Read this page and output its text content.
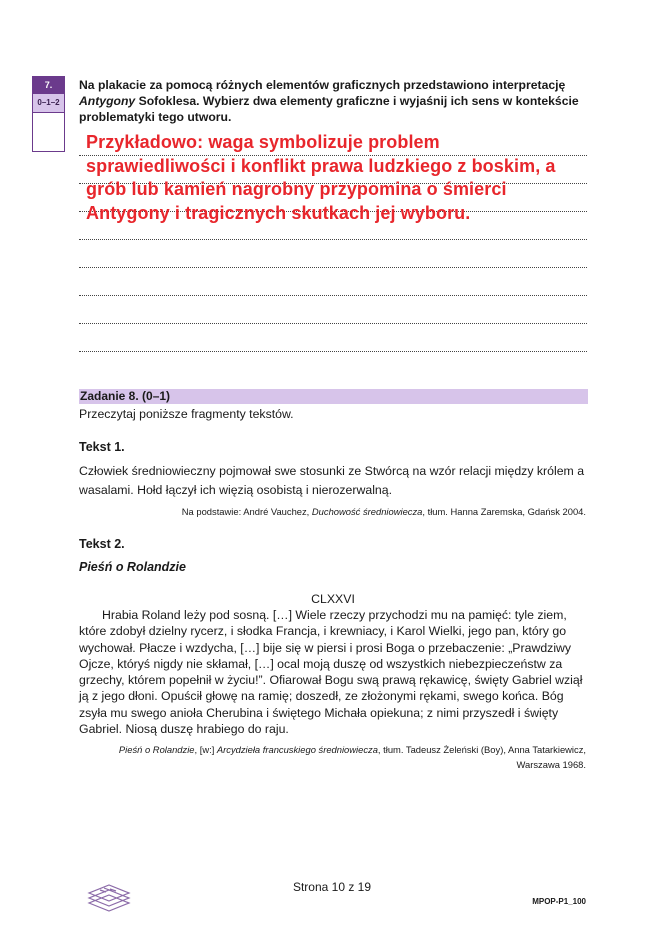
7.
0–1–2
Na plakacie za pomocą różnych elementów graficznych przedstawiono interpretację
Antygony Sofoklesa. Wybierz dwa elementy graficzne i wyjaśnij ich sens w kontekście problematyki tego utworu.
Przykładowo: waga symbolizuje problem sprawiedliwości i konflikt prawa ludzkiego z boskim, a grób lub kamień nagrobny przypomina o śmierci Antygony i tragicznych skutkach jej wyboru.
Zadanie 8. (0–1)
Przeczytaj poniższe fragmenty tekstów.
Tekst 1.
Człowiek średniowieczny pojmował swe stosunki ze Stwórcą na wzór relacji między królem a wasalami. Hołd łączył ich więzią osobistą i nierozerwalną.
Na podstawie: André Vauchez, Duchowość średniowiecza, tłum. Hanna Zaremska, Gdańsk 2004.
Tekst 2.
Pieśń o Rolandzie
CLXXVI

Hrabia Roland leży pod sosną. […] Wiele rzeczy przychodzi mu na pamięć: tyle ziem, które zdobył dzielny rycerz, i słodka Francja, i krewniacy, i Karol Wielki, jego pan, który go wychował. Płacze i wzdycha, […] bije się w piersi i prosi Boga o przebaczenie: „Prawdziwy Ojcze, któryś nigdy nie skłamał, […] ocal moją duszę od wszystkich niebezpieczeństw za grzechy, którem popełnił w życiu!”. Ofiarował Bogu swą prawą rękawicę, święty Gabriel wziął ją z jego dłoni. Opuścił głowę na ramię; doszedł, ze złożonymi rękami, swego końca. Bóg zsyła mu swego anioła Cherubina i świętego Michała opiekuna; z nimi przyszedł i święty Gabriel. Niosą duszę hrabiego do raju.

Pieśń o Rolandzie, [w:] Arcydzieła francuskiego średniowiecza, tłum. Tadeusz Żeleński (Boy), Anna Tatarkiewicz, Warszawa 1968.
Strona 10 z 19
MPOP-P1_100
